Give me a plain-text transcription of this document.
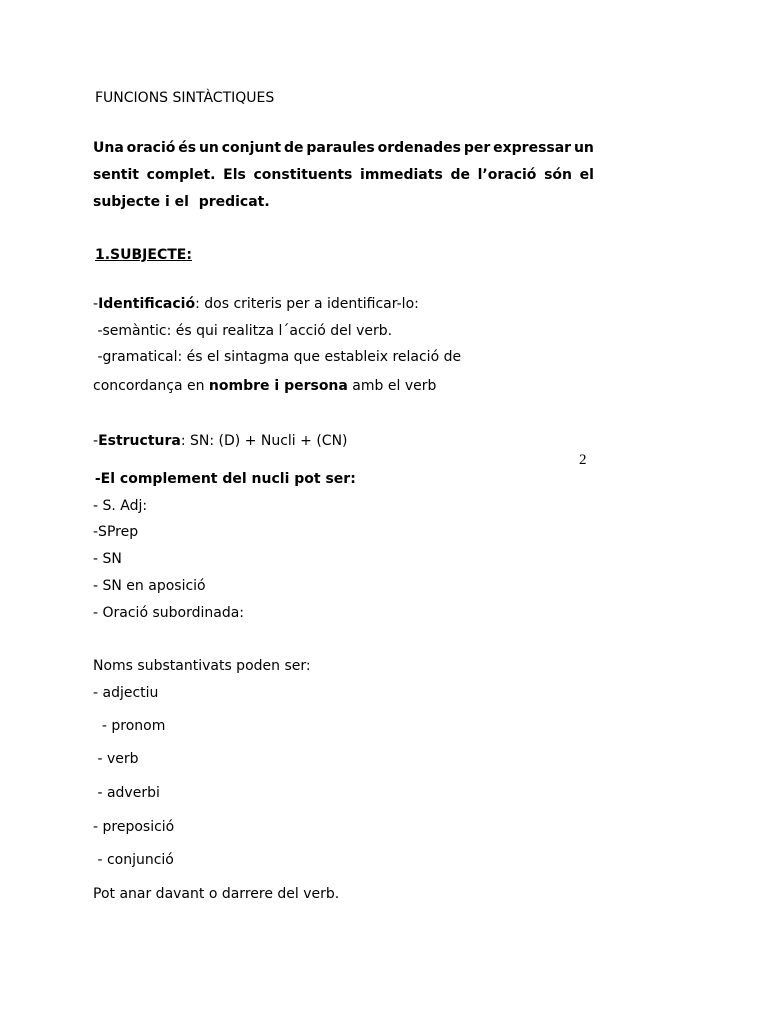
FUNCIONS SINTÀCTIQUES
Una oració és un conjunt de paraules ordenades per expressar un
sentit complet. Els constituents immediats de l’oració són el
subjecte i el  predicat.
1.SUBJECTE:
-Identificació: dos criteris per a identificar-lo:
-semàntic: és qui realitza l´acció del verb.
-gramatical: és el sintagma que estableix relació de
concordança en nombre i persona amb el verb
-Estructura: SN: (D) + Nucli + (CN)
2
-El complement del nucli pot ser:
- S. Adj:
-SPrep
- SN
- SN en aposició
- Oració subordinada:
Noms substantivats poden ser:
- adjectiu
- pronom
- verb
- adverbi
- preposició
- conjunció
Pot anar davant o darrere del verb.
